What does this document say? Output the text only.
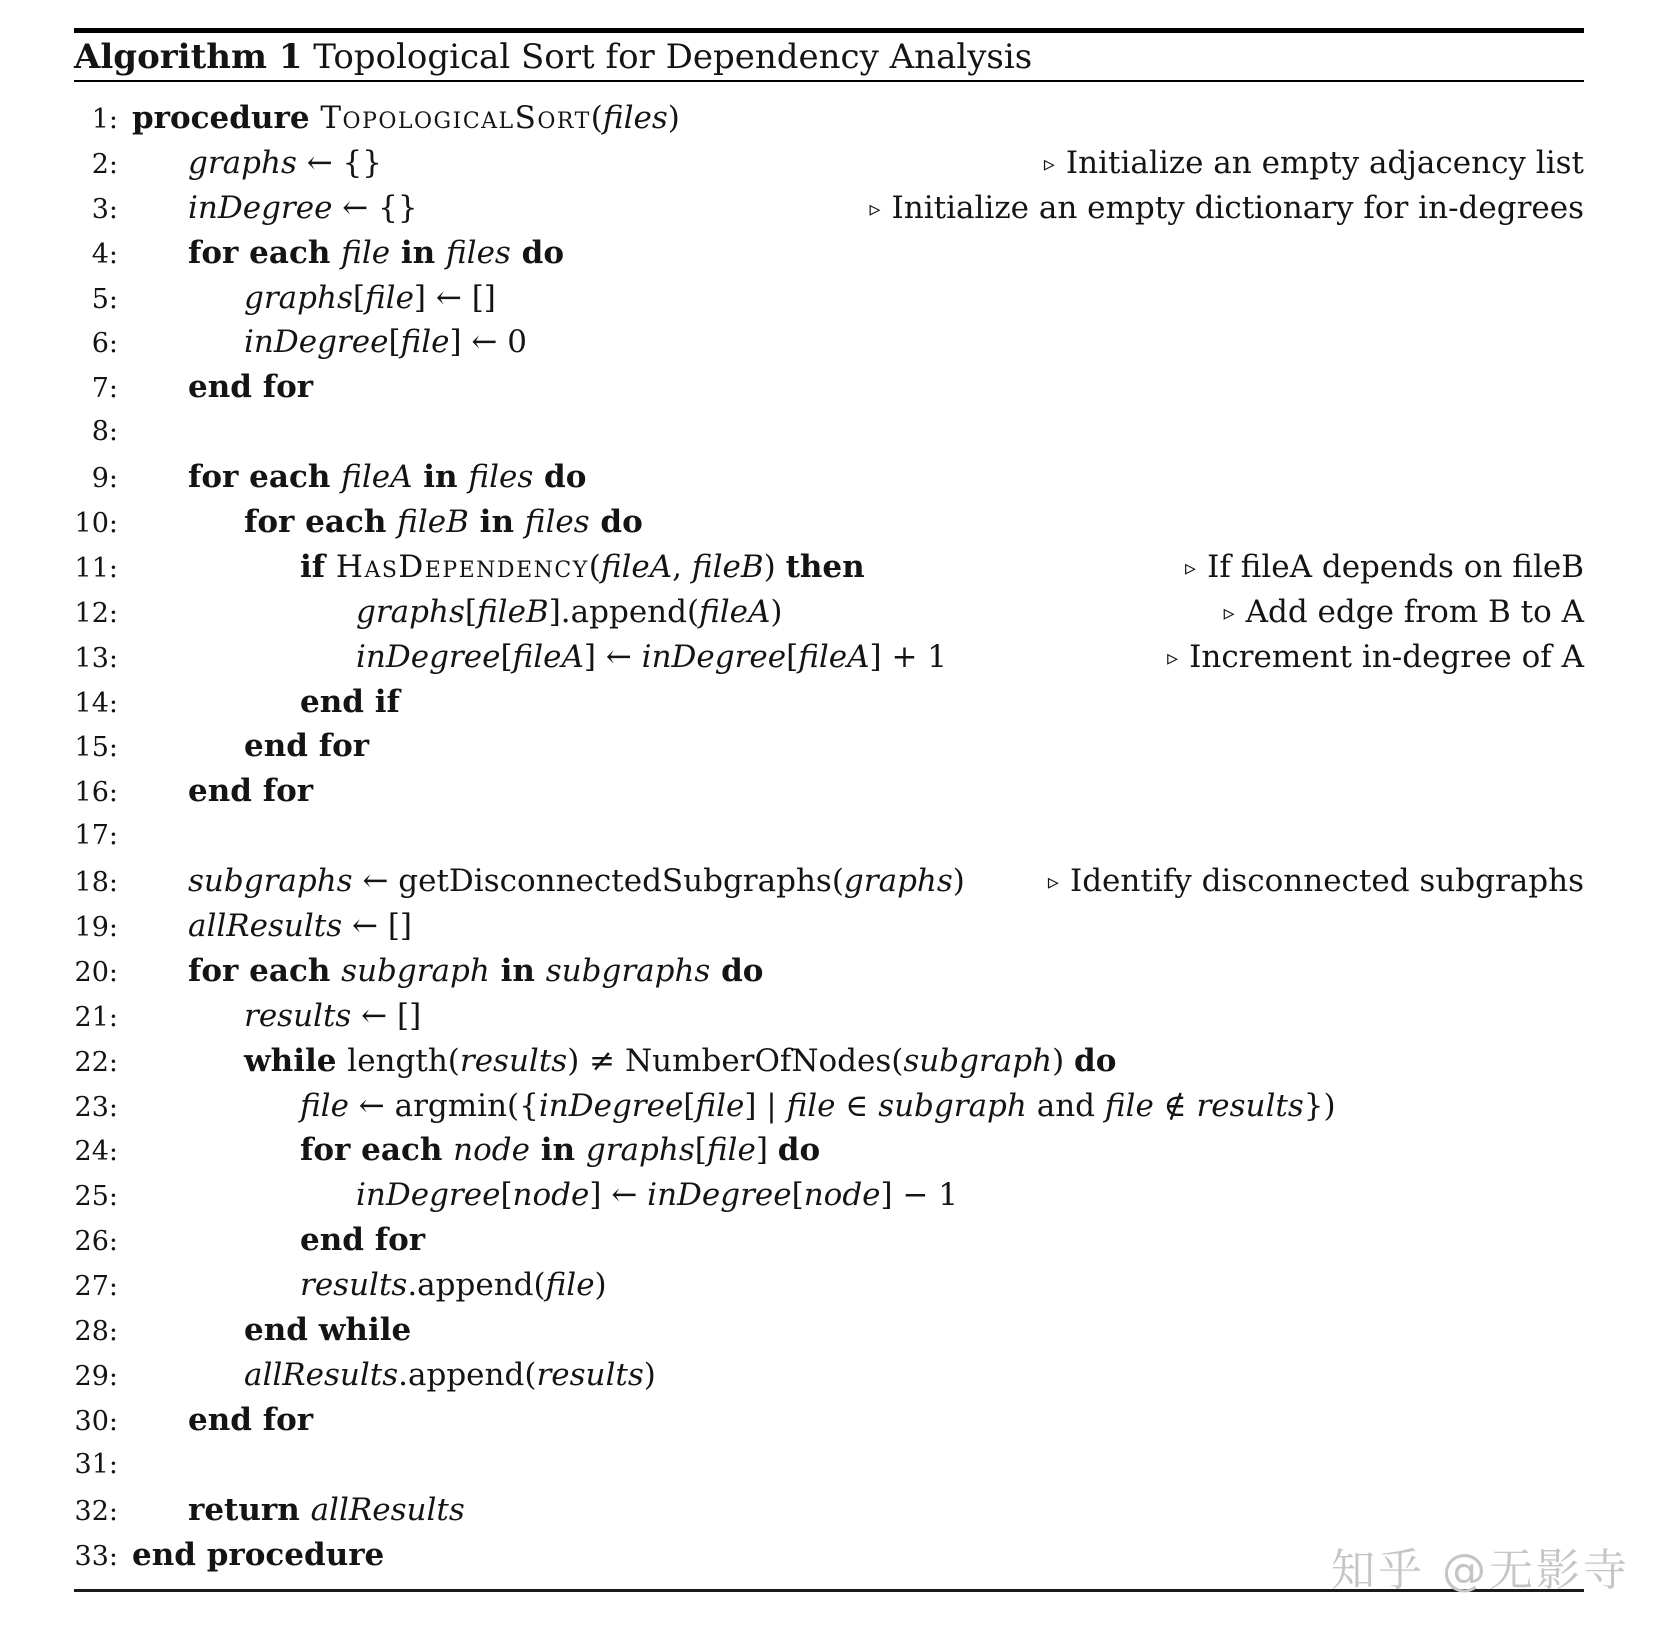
Algorithm 1 Topological Sort for Dependency Analysis
1: procedure TopologicalSort(files)
2: graphs ← {}	▹ Initialize an empty adjacency list
3: inDegree ← {}	▹ Initialize an empty dictionary for in-degrees
4: for each file in files do
5:	graphs[file] ← []
6:	inDegree[file] ← 0
7: end for
8:
9: for each fileA in files do
10:	for each fileB in files do
11:	if HasDependency(fileA, fileB) then	▹ If fileA depends on fileB
12:	graphs[fileB].append(fileA)	▹ Add edge from B to A
13:	inDegree[fileA] ← inDegree[fileA] + 1	▹ Increment in-degree of A
14:	end if
15:	end for
16: end for
17:
18: subgraphs ← getDisconnectedSubgraphs(graphs)	▹ Identify disconnected subgraphs
19: allResults ← []
20: for each subgraph in subgraphs do
21:	results ← []
22:	while length(results) ≠ NumberOfNodes(subgraph) do
23:	file ← argmin({inDegree[file] | file ∈ subgraph and file ∉ results})
24:	for each node in graphs[file] do
25:	inDegree[node] ← inDegree[node] − 1
26:	end for
27:	results.append(file)
28:	end while
29:	allResults.append(results)
30: end for
31:
32: return allResults
33: end procedure	知乎 @无影寺
